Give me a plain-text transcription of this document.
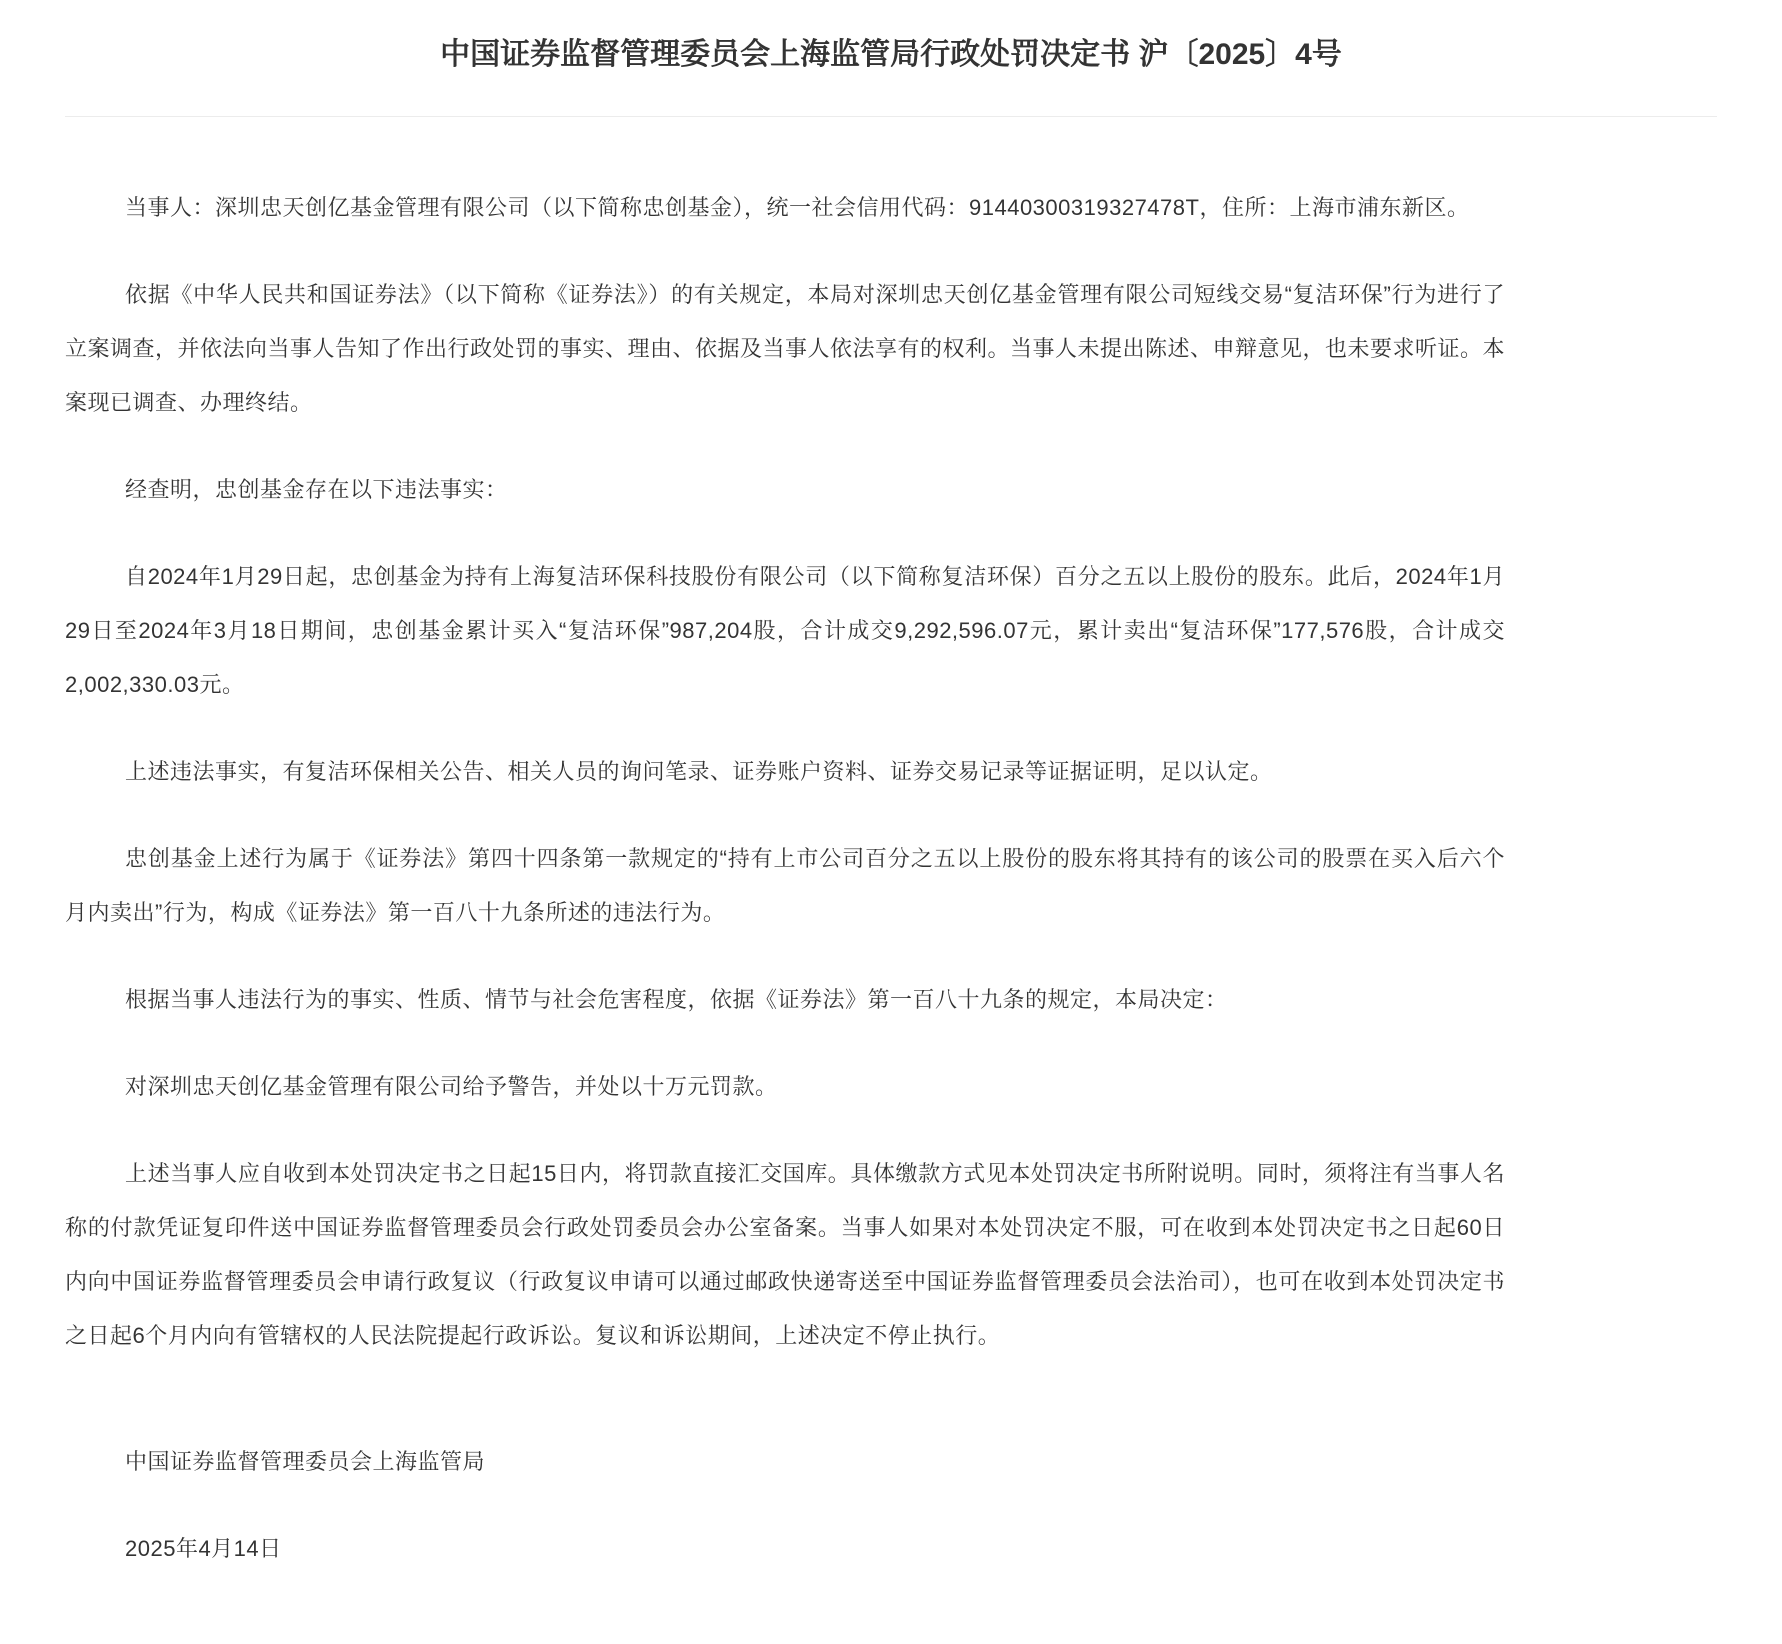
中国证券监督管理委员会上海监管局行政处罚决定书 沪〔2025〕4号

当事人：深圳忠天创亿基金管理有限公司（以下简称忠创基金），统一社会信用代码：91440300319327478T，住所：上海市浦东新区。

依据《中华人民共和国证券法》（以下简称《证券法》）的有关规定，本局对深圳忠天创亿基金管理有限公司短线交易“复洁环保”行为进行了立案调查，并依法向当事人告知了作出行政处罚的事实、理由、依据及当事人依法享有的权利。当事人未提出陈述、申辩意见，也未要求听证。本案现已调查、办理终结。

经查明，忠创基金存在以下违法事实：

自2024年1月29日起，忠创基金为持有上海复洁环保科技股份有限公司（以下简称复洁环保）百分之五以上股份的股东。此后，2024年1月29日至2024年3月18日期间，忠创基金累计买入“复洁环保”987,204股，合计成交9,292,596.07元，累计卖出“复洁环保”177,576股，合计成交2,002,330.03元。

上述违法事实，有复洁环保相关公告、相关人员的询问笔录、证券账户资料、证券交易记录等证据证明，足以认定。

忠创基金上述行为属于《证券法》第四十四条第一款规定的“持有上市公司百分之五以上股份的股东将其持有的该公司的股票在买入后六个月内卖出”行为，构成《证券法》第一百八十九条所述的违法行为。

根据当事人违法行为的事实、性质、情节与社会危害程度，依据《证券法》第一百八十九条的规定，本局决定：

对深圳忠天创亿基金管理有限公司给予警告，并处以十万元罚款。

上述当事人应自收到本处罚决定书之日起15日内，将罚款直接汇交国库。具体缴款方式见本处罚决定书所附说明。同时，须将注有当事人名称的付款凭证复印件送中国证券监督管理委员会行政处罚委员会办公室备案。当事人如果对本处罚决定不服，可在收到本处罚决定书之日起60日内向中国证券监督管理委员会申请行政复议（行政复议申请可以通过邮政快递寄送至中国证券监督管理委员会法治司），也可在收到本处罚决定书之日起6个月内向有管辖权的人民法院提起行政诉讼。复议和诉讼期间，上述决定不停止执行。

中国证券监督管理委员会上海监管局

2025年4月14日
